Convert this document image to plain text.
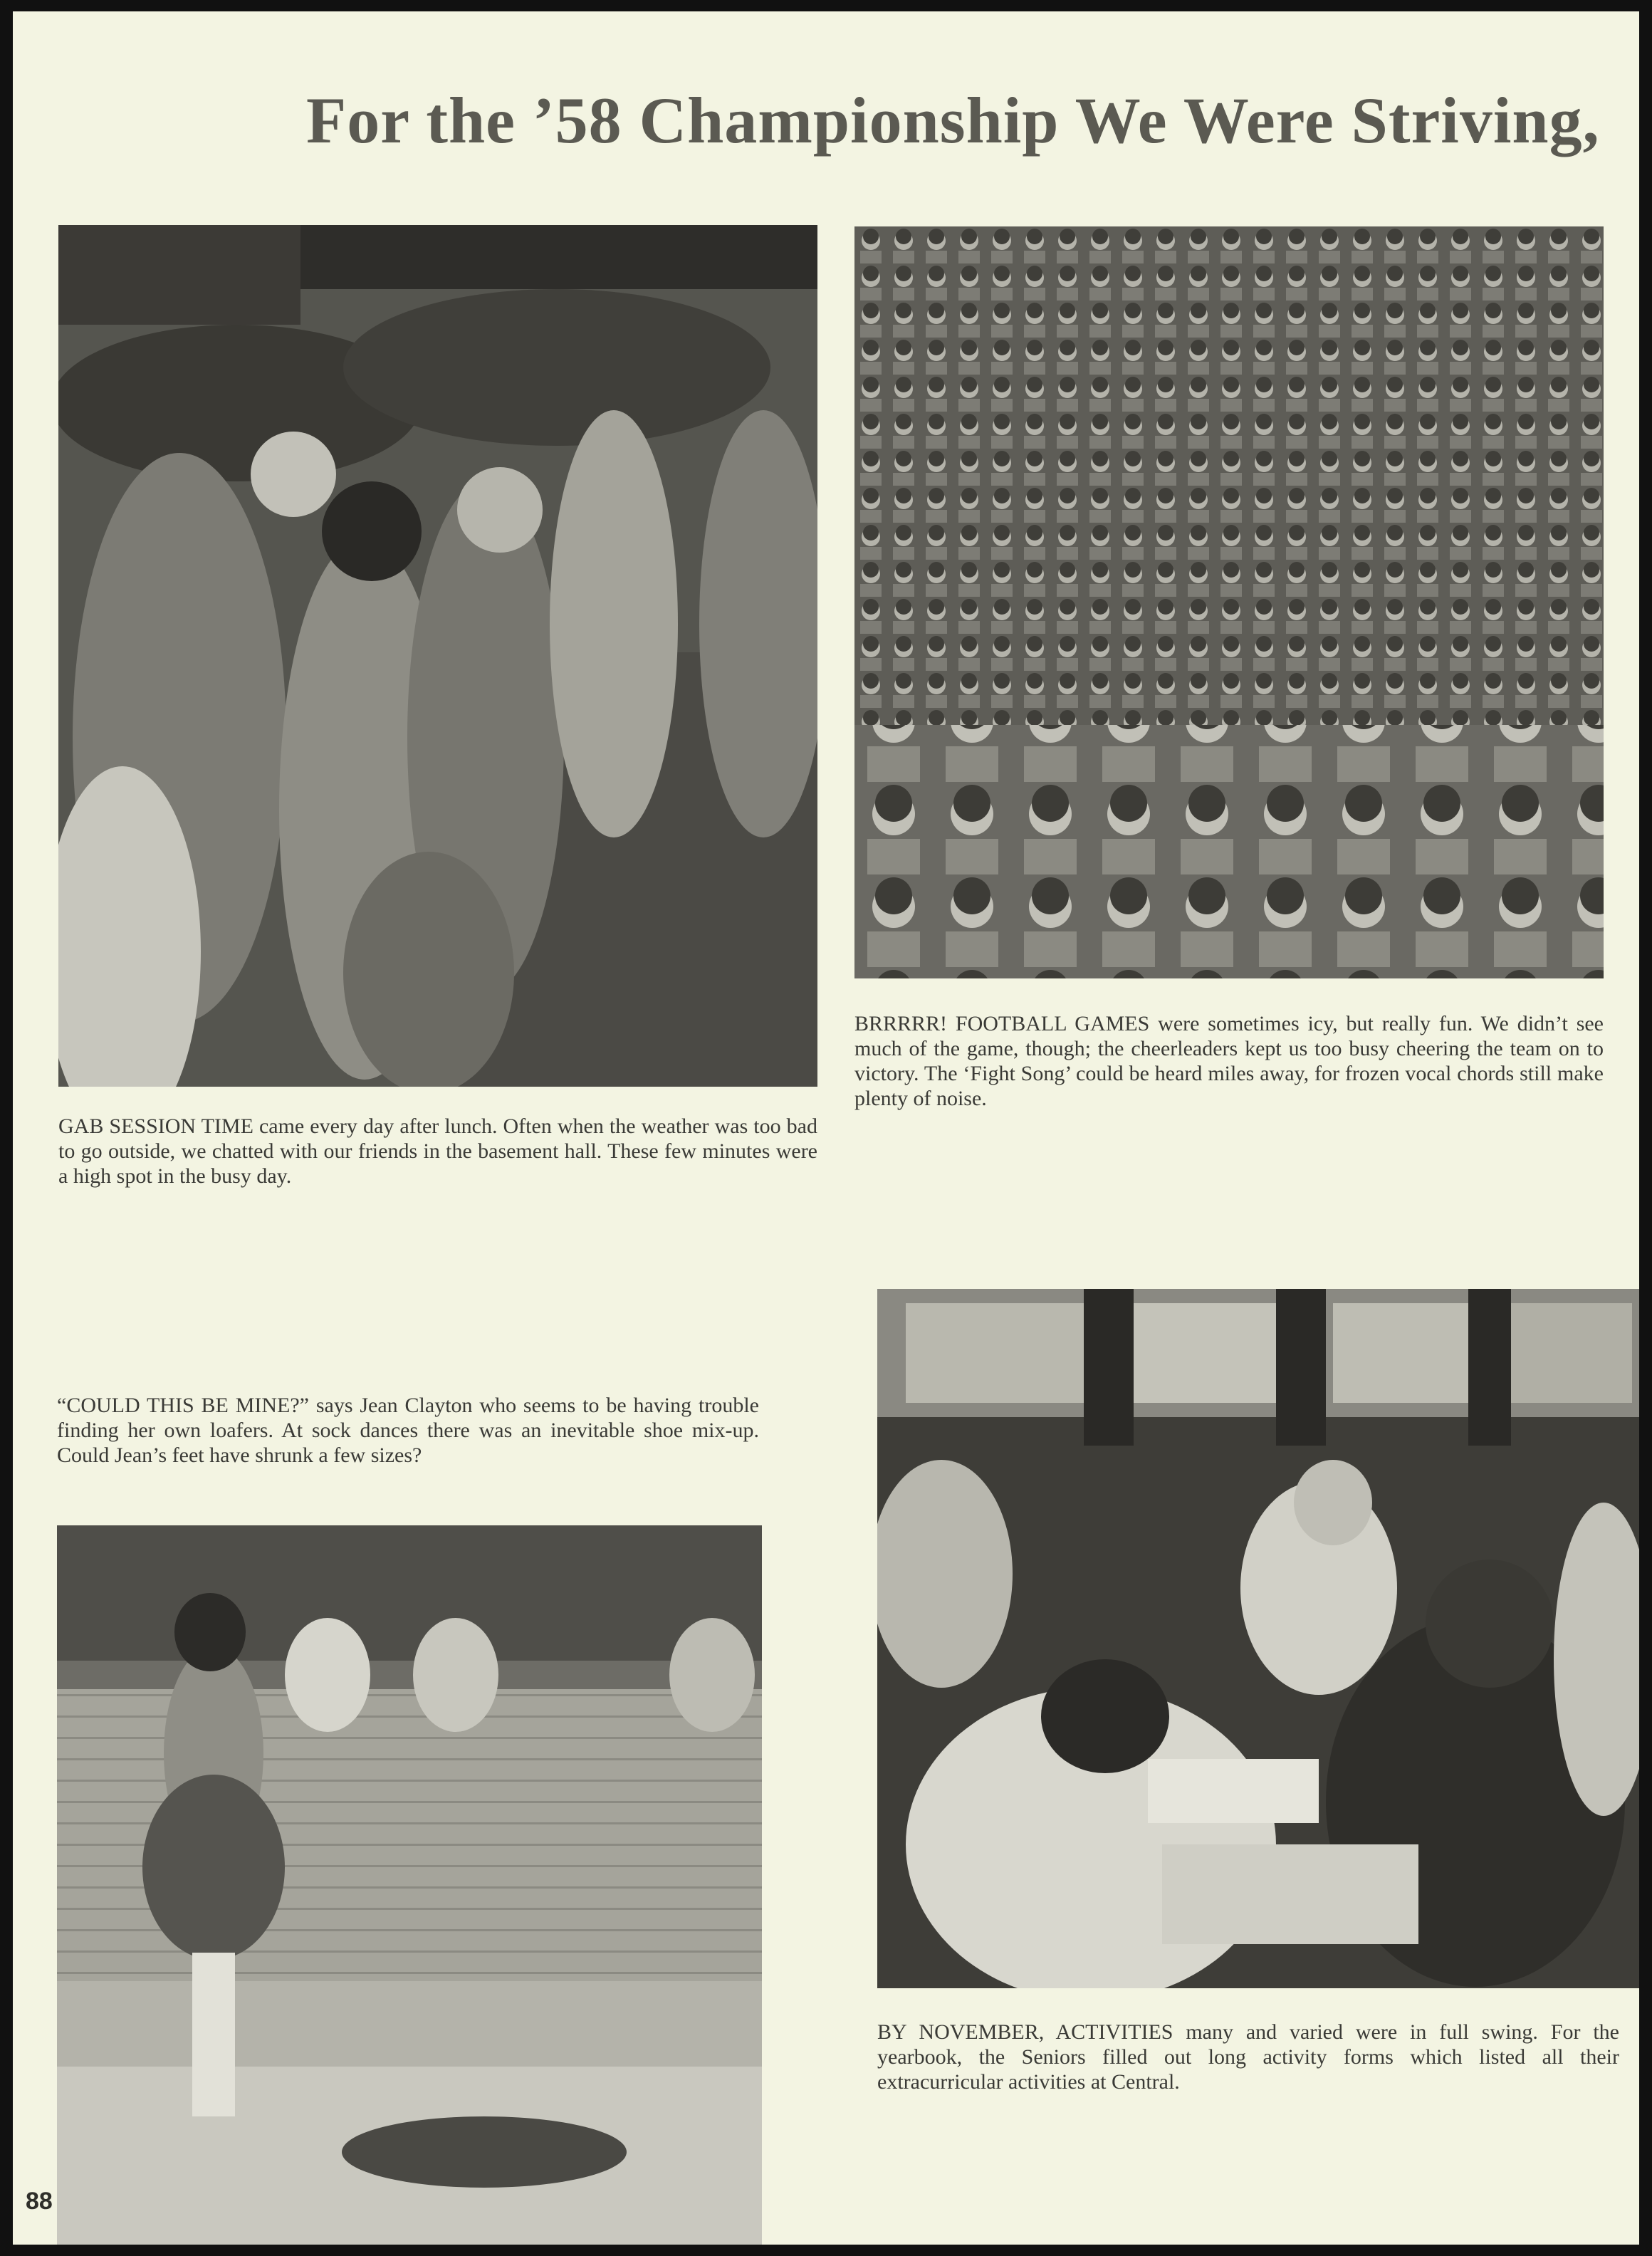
For the ’58 Championship We Were Striving,

GAB SESSION TIME came every day after lunch. Often when the weather was too bad to go outside, we chatted with our friends in the basement hall. These few minutes were a high spot in the busy day.

BRRRRR! FOOTBALL GAMES were sometimes icy, but really fun. We didn’t see much of the game, though; the cheerleaders kept us too busy cheering the team on to victory. The ‘Fight Song’ could be heard miles away, for frozen vocal chords still make plenty of noise.

“COULD THIS BE MINE?” says Jean Clayton who seems to be having trouble finding her own loafers. At sock dances there was an inevitable shoe mix-up. Could Jean’s feet have shrunk a few sizes?

BY NOVEMBER, ACTIVITIES many and varied were in full swing. For the yearbook, the Seniors filled out long activity forms which listed all their extracurricular activities at Central.

88
